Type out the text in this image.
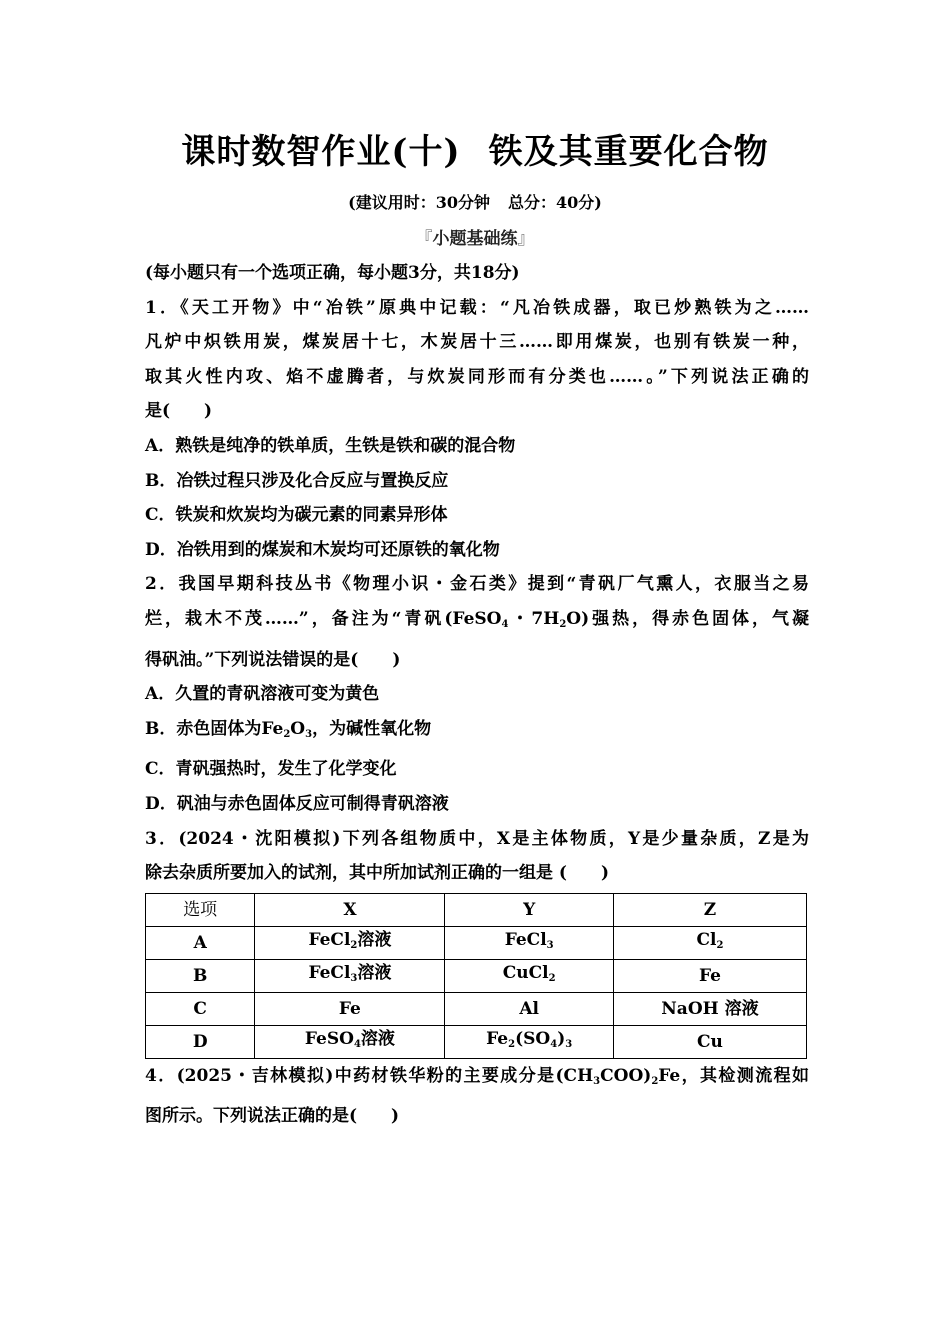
课时数智作业(十) 铁及其重要化合物
(建议用时：30分钟 总分：40分)
『小题基础练』

(每小题只有一个选项正确，每小题3分，共18分)

1．《天工开物》中“冶铁”原典中记载：“凡冶铁成器，取已炒熟铁为之……
凡炉中炽铁用炭，煤炭居十七，木炭居十三……即用煤炭，也别有铁炭一种，
取其火性内攻、焰不虚腾者，与炊炭同形而有分类也……。”下列说法正确的
是(　　)
A．熟铁是纯净的铁单质，生铁是铁和碳的混合物
B．冶铁过程只涉及化合反应与置换反应
C．铁炭和炊炭均为碳元素的同素异形体
D．冶铁用到的煤炭和木炭均可还原铁的氧化物
2．我国早期科技丛书《物理小识・金石类》提到“青矾厂气熏人，衣服当之易
烂，栽木不茂……”，备注为“青矾(FeSO$_4$・$7H_2O$)强热，得赤色固体，气凝
得矾油。”下列说法错误的是(　　)
A．久置的青矾溶液可变为黄色
B．赤色固体为$Fe_2O_3$，为碱性氧化物
C．青矾强热时，发生了化学变化
D．矾油与赤色固体反应可制得青矾溶液
3．(2024・沈阳模拟)下列各组物质中，X是主体物质，Y是少量杂质，Z是为
除去杂质所要加入的试剂，其中所加试剂正确的一组是 (　　)
选项	X	Y	Z
A	FeCl$_2$溶液	FeCl$_3$	$Cl_2$
B	FeCl$_3$溶液	CuCl$_2$	Fe
C	Fe	Al	NaOH 溶液
D	FeSO$_4$溶液	$Fe_2(SO_4)_3$	Cu
4．(2025・吉林模拟)中药材铁华粉的主要成分是$(CH_3COO)_2Fe$，其检测流程如
图所示。下列说法正确的是(　　)
